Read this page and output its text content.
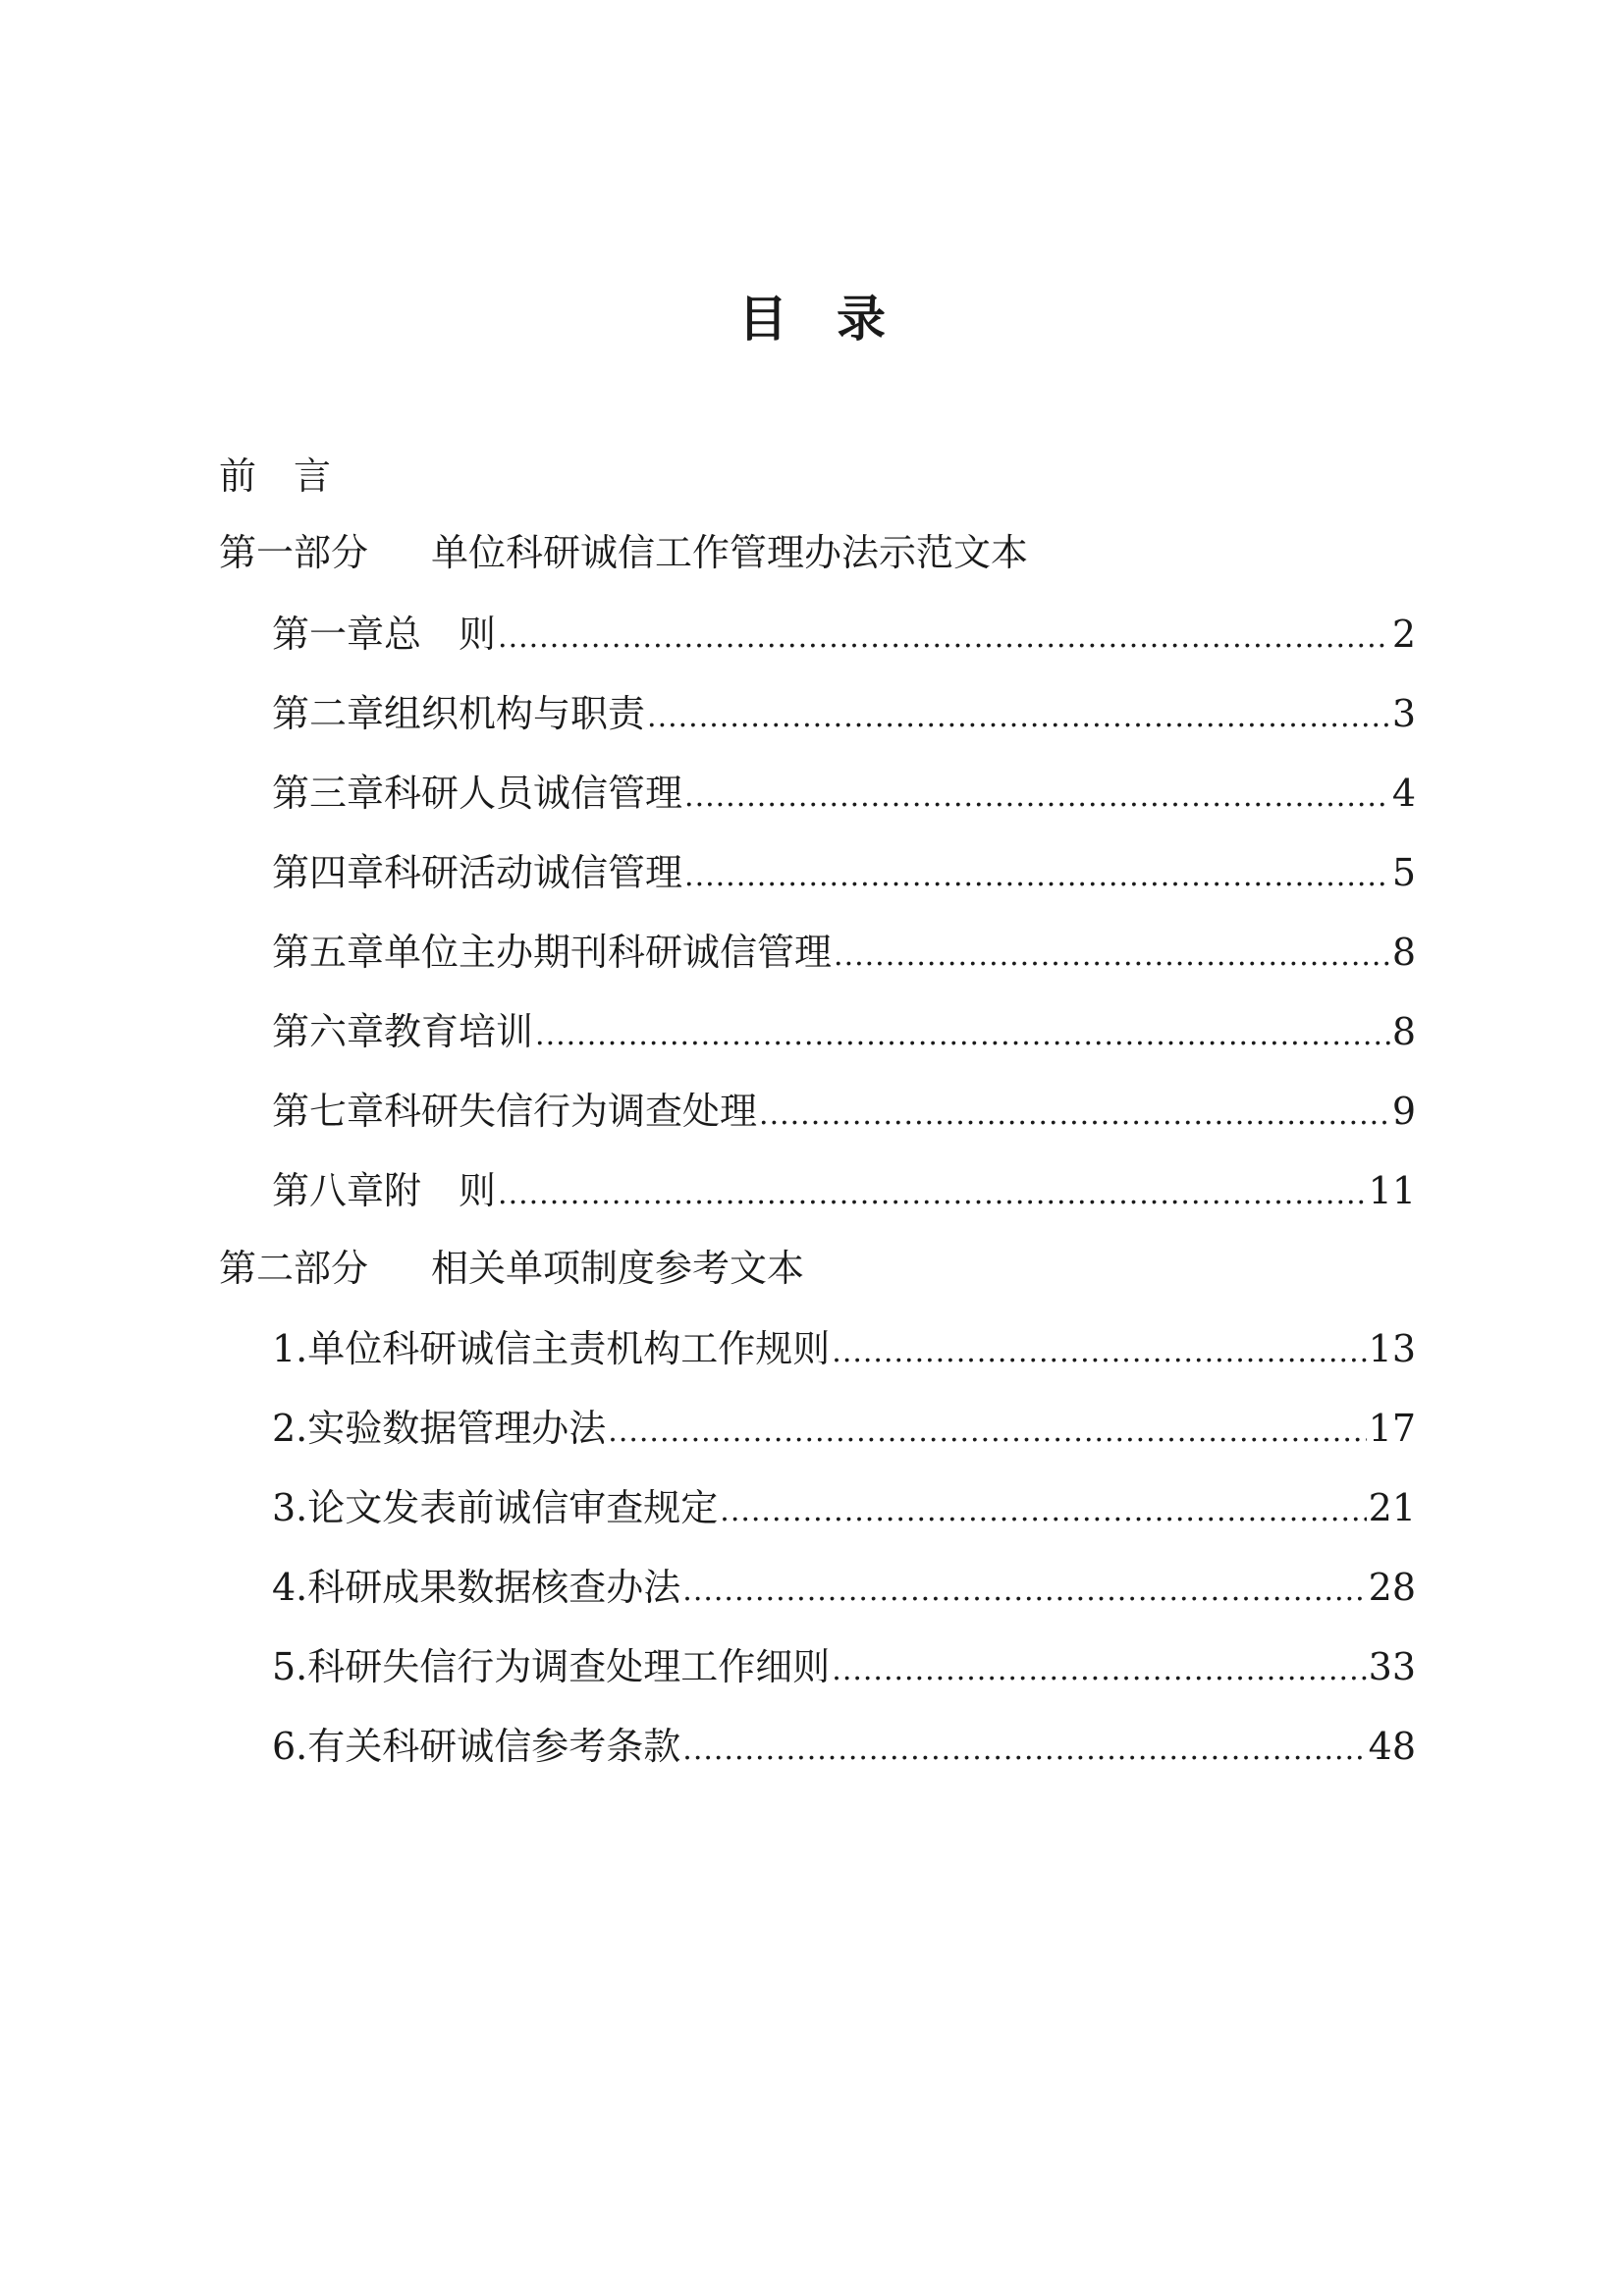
目　录
前　言
第一部分	单位科研诚信工作管理办法示范文本
第一章 总　则 .....	2
第二章 组织机构与职责 .....	3
第三章 科研人员诚信管理 .....	4
第四章 科研活动诚信管理 .....	5
第五章 单位主办期刊科研诚信管理 .....	8
第六章 教育培训 .....	8
第七章 科研失信行为调查处理 .....	9
第八章 附　则 .....	11
第二部分	相关单项制度参考文本
1. 单位科研诚信主责机构工作规则 .....	13
2. 实验数据管理办法 .....	17
3. 论文发表前诚信审查规定 .....	21
4. 科研成果数据核查办法 .....	28
5. 科研失信行为调查处理工作细则 .....	33
6. 有关科研诚信参考条款 .....	48
